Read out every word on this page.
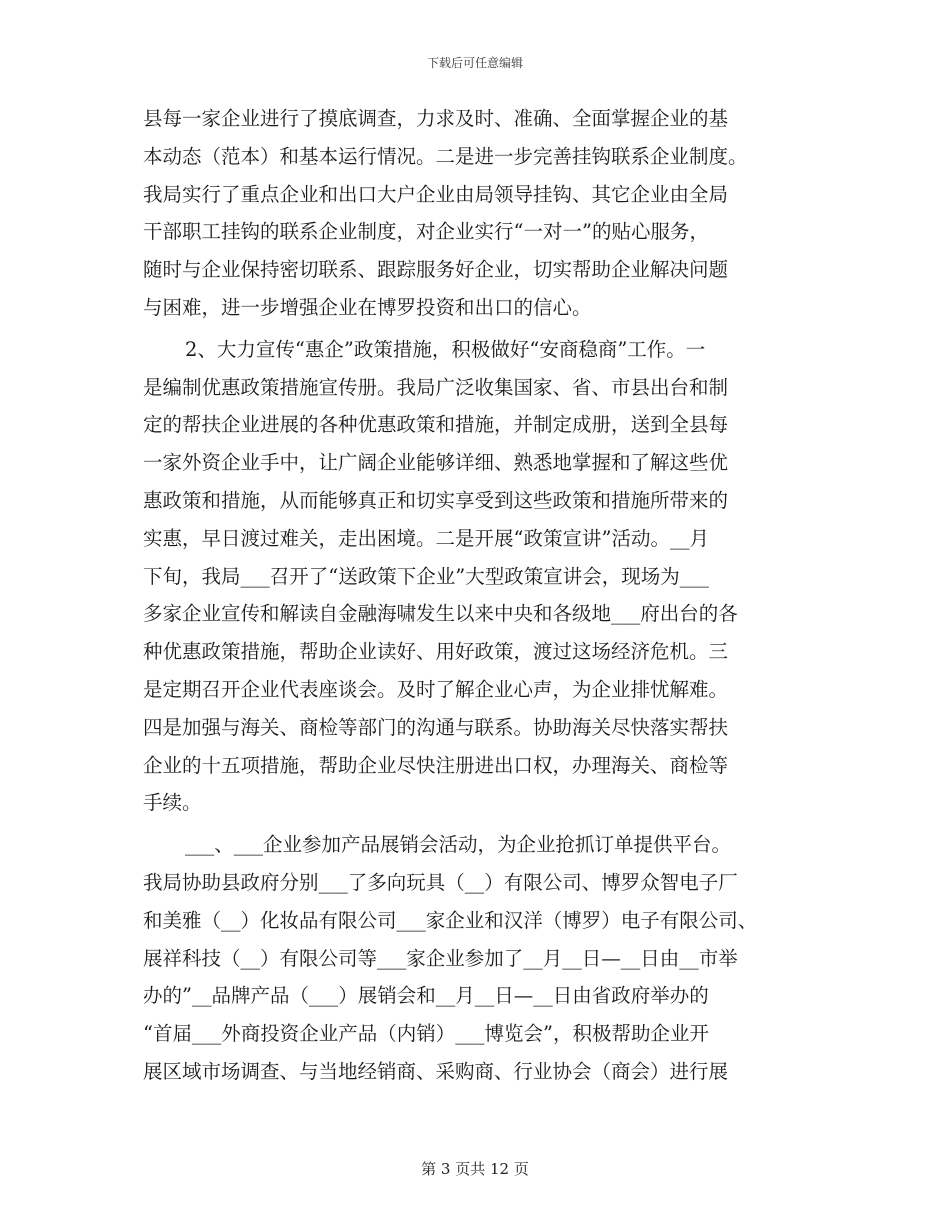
下载后可任意编辑
县每一家企业进行了摸底调查，力求及时、准确、全面掌握企业的基
本动态（范本）和基本运行情况。二是进一步完善挂钩联系企业制度。
我局实行了重点企业和出口大户企业由局领导挂钩、其它企业由全局
干部职工挂钩的联系企业制度，对企业实行“一对一”的贴心服务，
随时与企业保持密切联系、跟踪服务好企业，切实帮助企业解决问题
与困难，进一步增强企业在博罗投资和出口的信心。
2、大力宣传“惠企”政策措施，积极做好“安商稳商”工作。一
是编制优惠政策措施宣传册。我局广泛收集国家、省、市县出台和制
定的帮扶企业进展的各种优惠政策和措施，并制定成册，送到全县每
一家外资企业手中，让广阔企业能够详细、熟悉地掌握和了解这些优
惠政策和措施，从而能够真正和切实享受到这些政策和措施所带来的
实惠，早日渡过难关，走出困境。二是开展“政策宣讲”活动。__月
下旬，我局___召开了“送政策下企业”大型政策宣讲会，现场为___
多家企业宣传和解读自金融海啸发生以来中央和各级地___府出台的各
种优惠政策措施，帮助企业读好、用好政策，渡过这场经济危机。三
是定期召开企业代表座谈会。及时了解企业心声，为企业排忧解难。
四是加强与海关、商检等部门的沟通与联系。协助海关尽快落实帮扶
企业的十五项措施，帮助企业尽快注册进出口权，办理海关、商检等
手续。
___、___企业参加产品展销会活动，为企业抢抓订单提供平台。
我局协助县政府分别___了多向玩具（__）有限公司、博罗众智电子厂
和美雅（__）化妆品有限公司___家企业和汉洋（博罗）电子有限公司、
展祥科技（__）有限公司等___家企业参加了__月__日—__日由__市举
办的”__品牌产品（___）展销会和__月__日—__日由省政府举办的
“首届___外商投资企业产品（内销）___博览会”，积极帮助企业开
展区域市场调查、与当地经销商、采购商、行业协会（商会）进行展
第 3 页共 12 页
